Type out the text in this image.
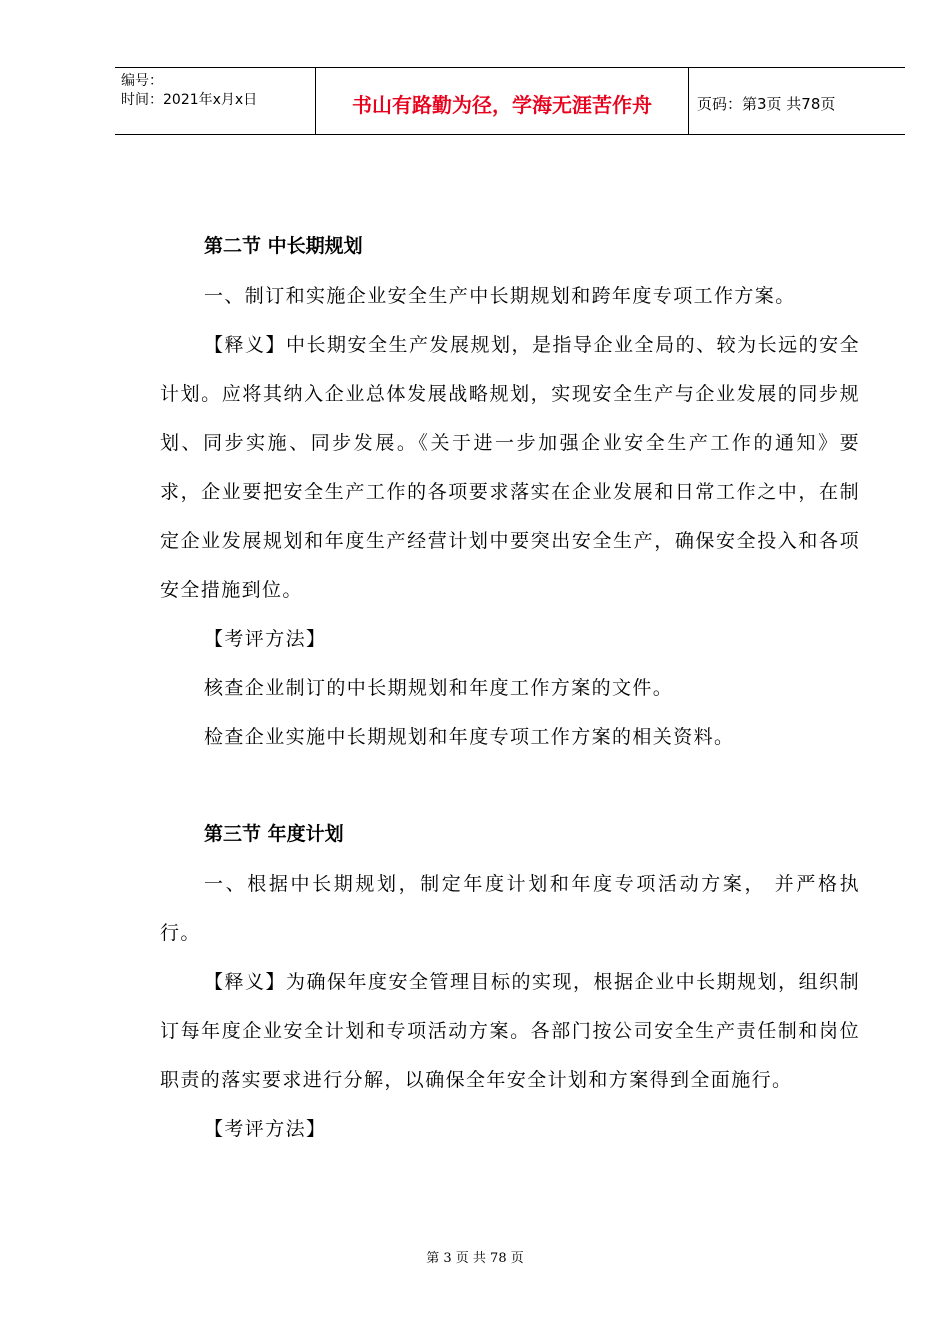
编号：
时间：2021年x月x日	书山有路勤为径，学海无涯苦作舟	页码：第3页 共78页
第二节 中长期规划

一、制订和实施企业安全生产中长期规划和跨年度专项工作方案。

【释义】中长期安全生产发展规划，是指导企业全局的、较为长远的安全计划。应将其纳入企业总体发展战略规划，实现安全生产与企业发展的同步规划、同步实施、同步发展。《关于进一步加强企业安全生产工作的通知》要求，企业要把安全生产工作的各项要求落实在企业发展和日常工作之中，在制定企业发展规划和年度生产经营计划中要突出安全生产，确保安全投入和各项安全措施到位。

【考评方法】

核查企业制订的中长期规划和年度工作方案的文件。

检查企业实施中长期规划和年度专项工作方案的相关资料。

第三节 年度计划

一、根据中长期规划，制定年度计划和年度专项活动方案， 并严格执行。

【释义】为确保年度安全管理目标的实现，根据企业中长期规划，组织制订每年度企业安全计划和专项活动方案。各部门按公司安全生产责任制和岗位职责的落实要求进行分解，以确保全年安全计划和方案得到全面施行。

【考评方法】

第 3 页 共 78 页
